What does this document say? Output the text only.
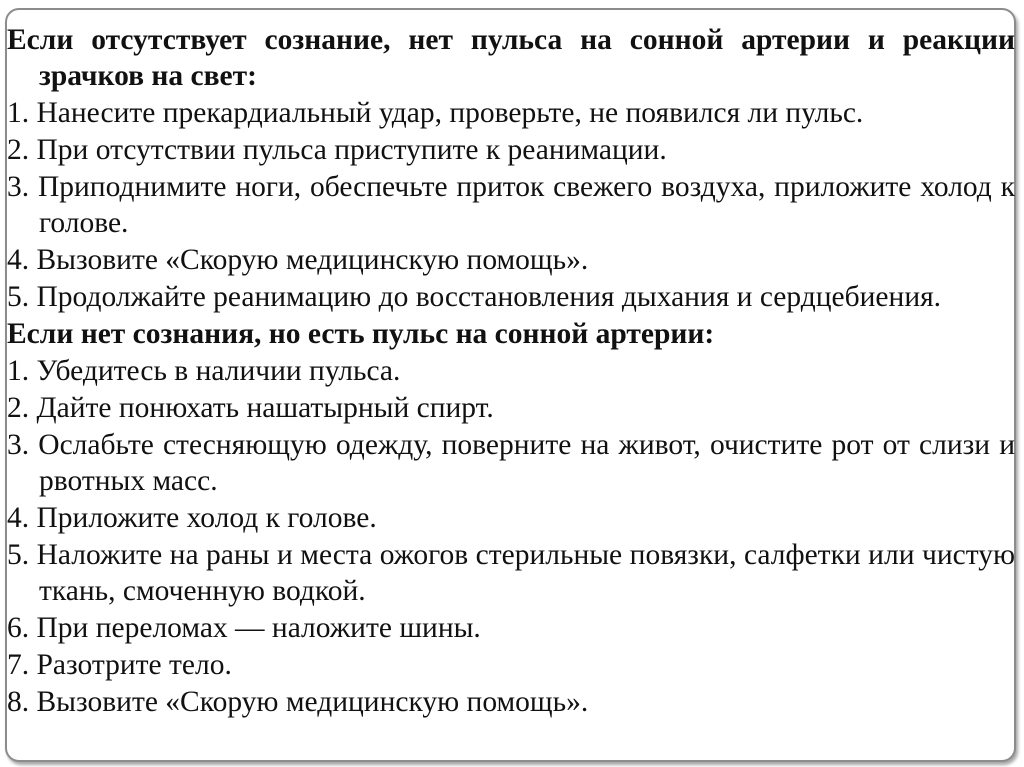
Если отсутствует сознание, нет пульса на сонной артерии и реакции зрачков на свет:

1. Нанесите прекардиальный удар, проверьте, не появился ли пульс.

2. При отсутствии пульса приступите к реанимации.

3. Приподнимите ноги, обеспечьте приток свежего воздуха, приложите холод к голове.

4. Вызовите «Скорую медицинскую помощь».

5. Продолжайте реанимацию до восстановления дыхания и сердцебиения.

Если нет сознания, но есть пульс на сонной артерии:

1. Убедитесь в наличии пульса.

2. Дайте понюхать нашатырный спирт.

3. Ослабьте стесняющую одежду, поверните на живот, очистите рот от слизи и рвотных масс.

4. Приложите холод к голове.

5. Наложите на раны и места ожогов стерильные повязки, салфетки или чистую ткань, смоченную водкой.

6. При переломах — наложите шины.

7. Разотрите тело.

8. Вызовите «Скорую медицинскую помощь».
